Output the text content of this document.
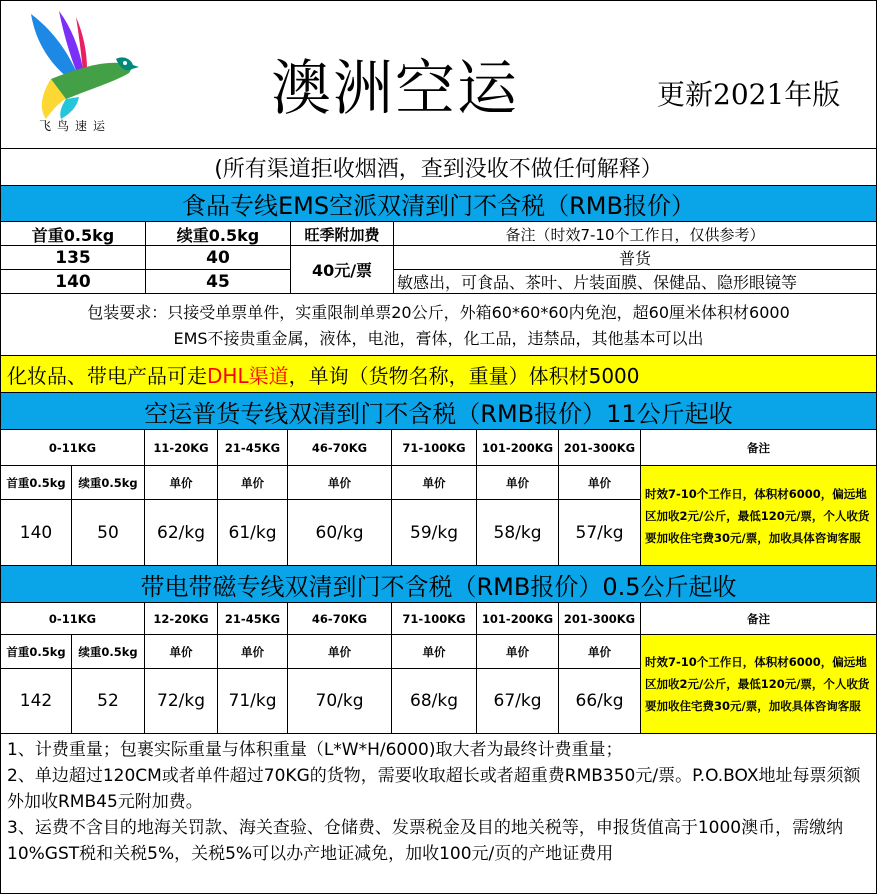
飞鸟速运
澳洲空运	更新2021年版
(所有渠道拒收烟酒，查到没收不做任何解释）
食品专线EMS空派双清到门不含税（RMB报价）
首重0.5kg	续重0.5kg	旺季附加费	备注（时效7-10个工作日，仅供参考）
135	40
140	45
40元/票
普货
敏感出，可食品、茶叶、片装面膜、保健品、隐形眼镜等
包装要求：只接受单票单件，实重限制单票20公斤，外箱60*60*60内免泡，超60厘米体积材6000
EMS不接贵重金属，液体，电池，膏体，化工品，违禁品，其他基本可以出
化妆品、带电产品可走 DHL渠道 ，单询（货物名称，重量）体积材5000
空运普货专线双清到门不含税（RMB报价）11公斤起收
0-11KG	11-20KG	21-45KG	46-70KG	71-100KG	101-200KG 201-300KG	备注
首重0.5kg	续重0.5kg	单价	单价	单价	单价	单价	单价
140	50	62/kg	61/kg	60/kg	59/kg	58/kg	57/kg
时效7-10个工作日，体积材6000，偏远地区加收2元/公斤，最低120元/票，个人收货要加收住宅费30元/票，加收具体咨询客服
带电带磁专线双清到门不含税（RMB报价）0.5公斤起收
0-11KG	12-20KG	21-45KG	46-70KG	71-100KG	101-200KG 201-300KG	备注
首重0.5kg	续重0.5kg	单价	单价	单价	单价	单价	单价
142	52	72/kg	71/kg	70/kg	68/kg	67/kg	66/kg
时效7-10个工作日，体积材6000，偏远地区加收2元/公斤，最低120元/票，个人收货要加收住宅费30元/票，加收具体咨询客服

1、计费重量；包裹实际重量与体积重量（L*W*H/6000)取大者为最终计费重量；

2、单边超过120CM或者单件超过70KG的货物，需要收取超长或者超重费RMB350元/票。P.O.BOX地址每票须额外加收RMB45元附加费。

3、运费不含目的地海关罚款、海关查验、仓储费、发票税金及目的地关税等，申报货值高于1000澳币，需缴纳10%GST税和关税5%，关税5%可以办产地证减免，加收100元/页的产地证费用
